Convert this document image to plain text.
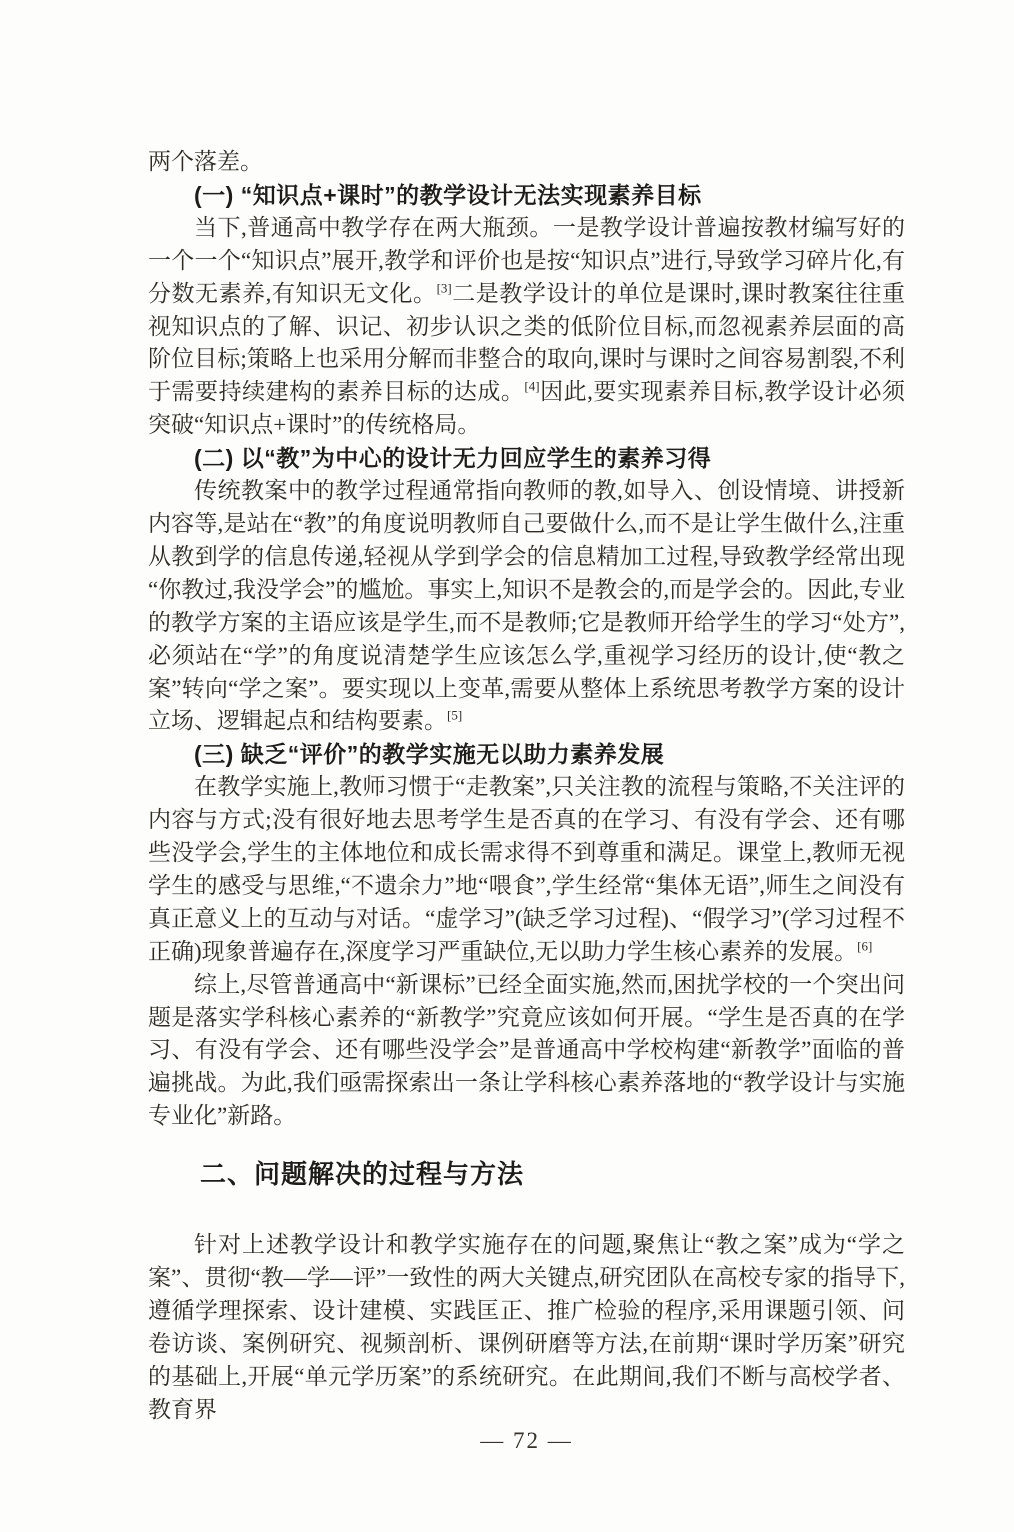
两个落差。
(一) “知识点+课时”的教学设计无法实现素养目标
当下,普通高中教学存在两大瓶颈。一是教学设计普遍按教材编写好的一个一个“知识点”展开,教学和评价也是按“知识点”进行,导致学习碎片化,有分数无素养,有知识无文化。[3]二是教学设计的单位是课时,课时教案往往重视知识点的了解、识记、初步认识之类的低阶位目标,而忽视素养层面的高阶位目标;策略上也采用分解而非整合的取向,课时与课时之间容易割裂,不利于需要持续建构的素养目标的达成。[4]因此,要实现素养目标,教学设计必须突破“知识点+课时”的传统格局。
(二) 以“教”为中心的设计无力回应学生的素养习得
传统教案中的教学过程通常指向教师的教,如导入、创设情境、讲授新内容等,是站在“教”的角度说明教师自己要做什么,而不是让学生做什么,注重从教到学的信息传递,轻视从学到学会的信息精加工过程,导致教学经常出现“你教过,我没学会”的尴尬。事实上,知识不是教会的,而是学会的。因此,专业的教学方案的主语应该是学生,而不是教师;它是教师开给学生的学习“处方”,必须站在“学”的角度说清楚学生应该怎么学,重视学习经历的设计,使“教之案”转向“学之案”。要实现以上变革,需要从整体上系统思考教学方案的设计立场、逻辑起点和结构要素。[5]
(三) 缺乏“评价”的教学实施无以助力素养发展
在教学实施上,教师习惯于“走教案”,只关注教的流程与策略,不关注评的内容与方式;没有很好地去思考学生是否真的在学习、有没有学会、还有哪些没学会,学生的主体地位和成长需求得不到尊重和满足。课堂上,教师无视学生的感受与思维,“不遗余力”地“喂食”,学生经常“集体无语”,师生之间没有真正意义上的互动与对话。“虚学习”(缺乏学习过程)、“假学习”(学习过程不正确)现象普遍存在,深度学习严重缺位,无以助力学生核心素养的发展。[6]
综上,尽管普通高中“新课标”已经全面实施,然而,困扰学校的一个突出问题是落实学科核心素养的“新教学”究竟应该如何开展。“学生是否真的在学习、有没有学会、还有哪些没学会”是普通高中学校构建“新教学”面临的普遍挑战。为此,我们亟需探索出一条让学科核心素养落地的“教学设计与实施专业化”新路。
二、问题解决的过程与方法
针对上述教学设计和教学实施存在的问题,聚焦让“教之案”成为“学之案”、贯彻“教—学—评”一致性的两大关键点,研究团队在高校专家的指导下,遵循学理探索、设计建模、实践匡正、推广检验的程序,采用课题引领、问卷访谈、案例研究、视频剖析、课例研磨等方法,在前期“课时学历案”研究的基础上,开展“单元学历案”的系统研究。在此期间,我们不断与高校学者、教育界
— 72 —
